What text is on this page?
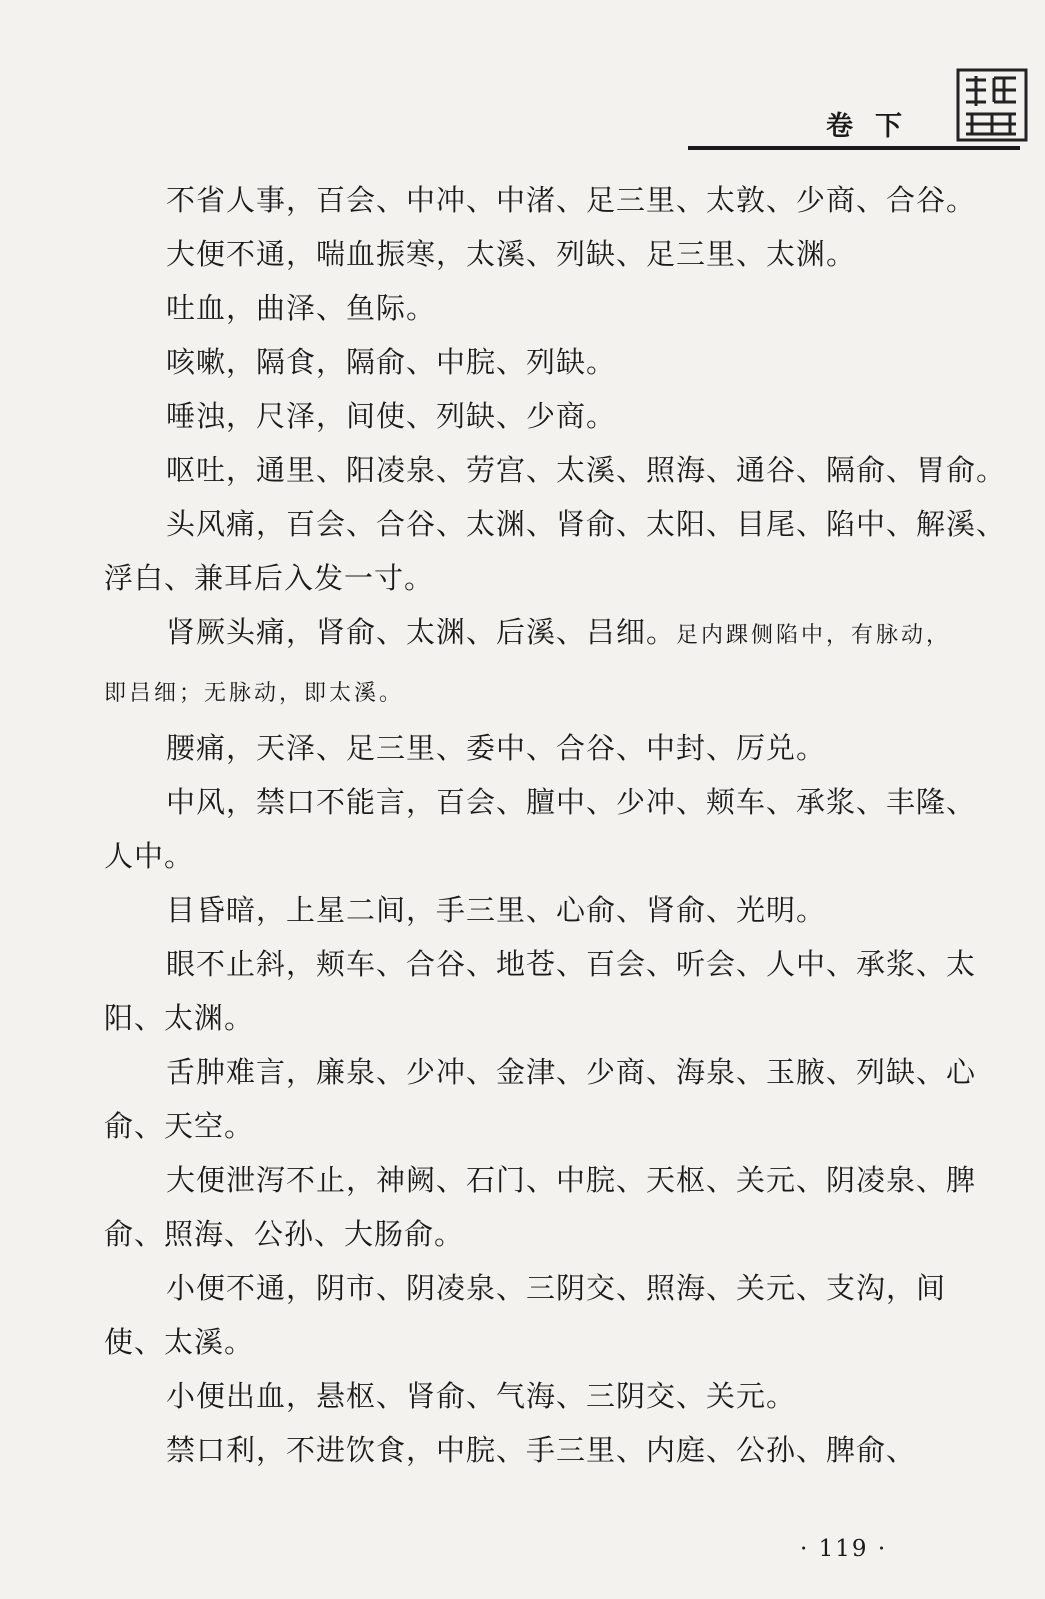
卷下
不省人事，百会、中冲、中渚、足三里、太敦、少商、合谷。
大便不通，喘血振寒，太溪、列缺、足三里、太渊。
吐血，曲泽、鱼际。
咳嗽，隔食，隔俞、中脘、列缺。
唾浊，尺泽，间使、列缺、少商。
呕吐，通里、阳凌泉、劳宫、太溪、照海、通谷、隔俞、胃俞。
头风痛，百会、合谷、太渊、肾俞、太阳、目尾、陷中、解溪、
浮白、兼耳后入发一寸。
肾厥头痛，肾俞、太渊、后溪、吕细。足内踝侧陷中，有脉动，
即吕细；无脉动，即太溪。
腰痛，天泽、足三里、委中、合谷、中封、厉兑。
中风，禁口不能言，百会、膻中、少冲、颊车、承浆、丰隆、
人中。
目昏暗，上星二间，手三里、心俞、肾俞、光明。
眼不止斜，颊车、合谷、地苍、百会、听会、人中、承浆、太
阳、太渊。
舌肿难言，廉泉、少冲、金津、少商、海泉、玉腋、列缺、心
俞、天空。
大便泄泻不止，神阙、石门、中脘、天枢、关元、阴凌泉、脾
俞、照海、公孙、大肠俞。
小便不通，阴市、阴凌泉、三阴交、照海、关元、支沟，间
使、太溪。
小便出血，悬枢、肾俞、气海、三阴交、关元。
禁口利，不进饮食，中脘、手三里、内庭、公孙、脾俞、
· 119 ·
